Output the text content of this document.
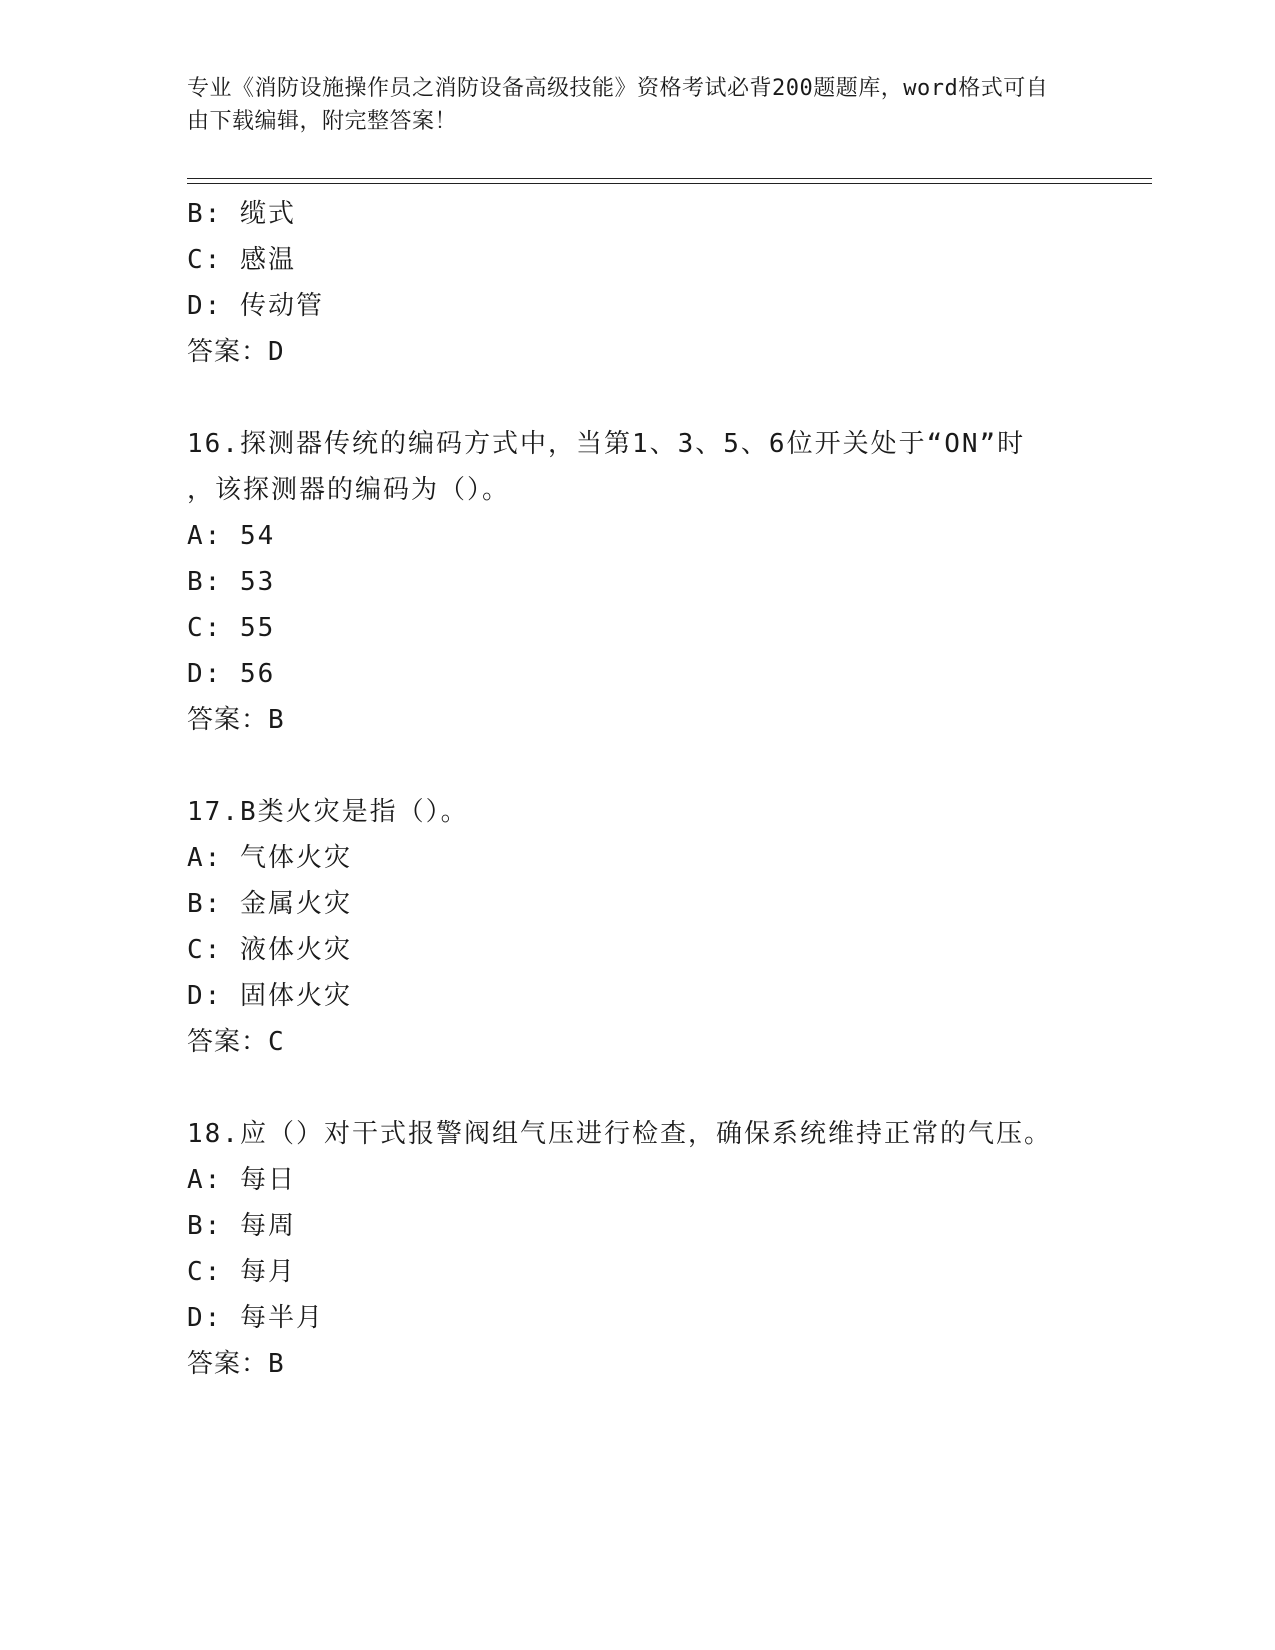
专业《消防设施操作员之消防设备高级技能》资格考试必背200题题库，word格式可自由下载编辑，附完整答案！
B: 缆式
C: 感温
D: 传动管
答案：D
16.探测器传统的编码方式中，当第1、3、5、6位开关处于“ON”时
，该探测器的编码为（）。
A: 54
B: 53
C: 55
D: 56
答案：B
17.B类火灾是指（）。
A: 气体火灾
B: 金属火灾
C: 液体火灾
D: 固体火灾
答案：C
18.应（）对干式报警阀组气压进行检查，确保系统维持正常的气压。
A: 每日
B: 每周
C: 每月
D: 每半月
答案：B
